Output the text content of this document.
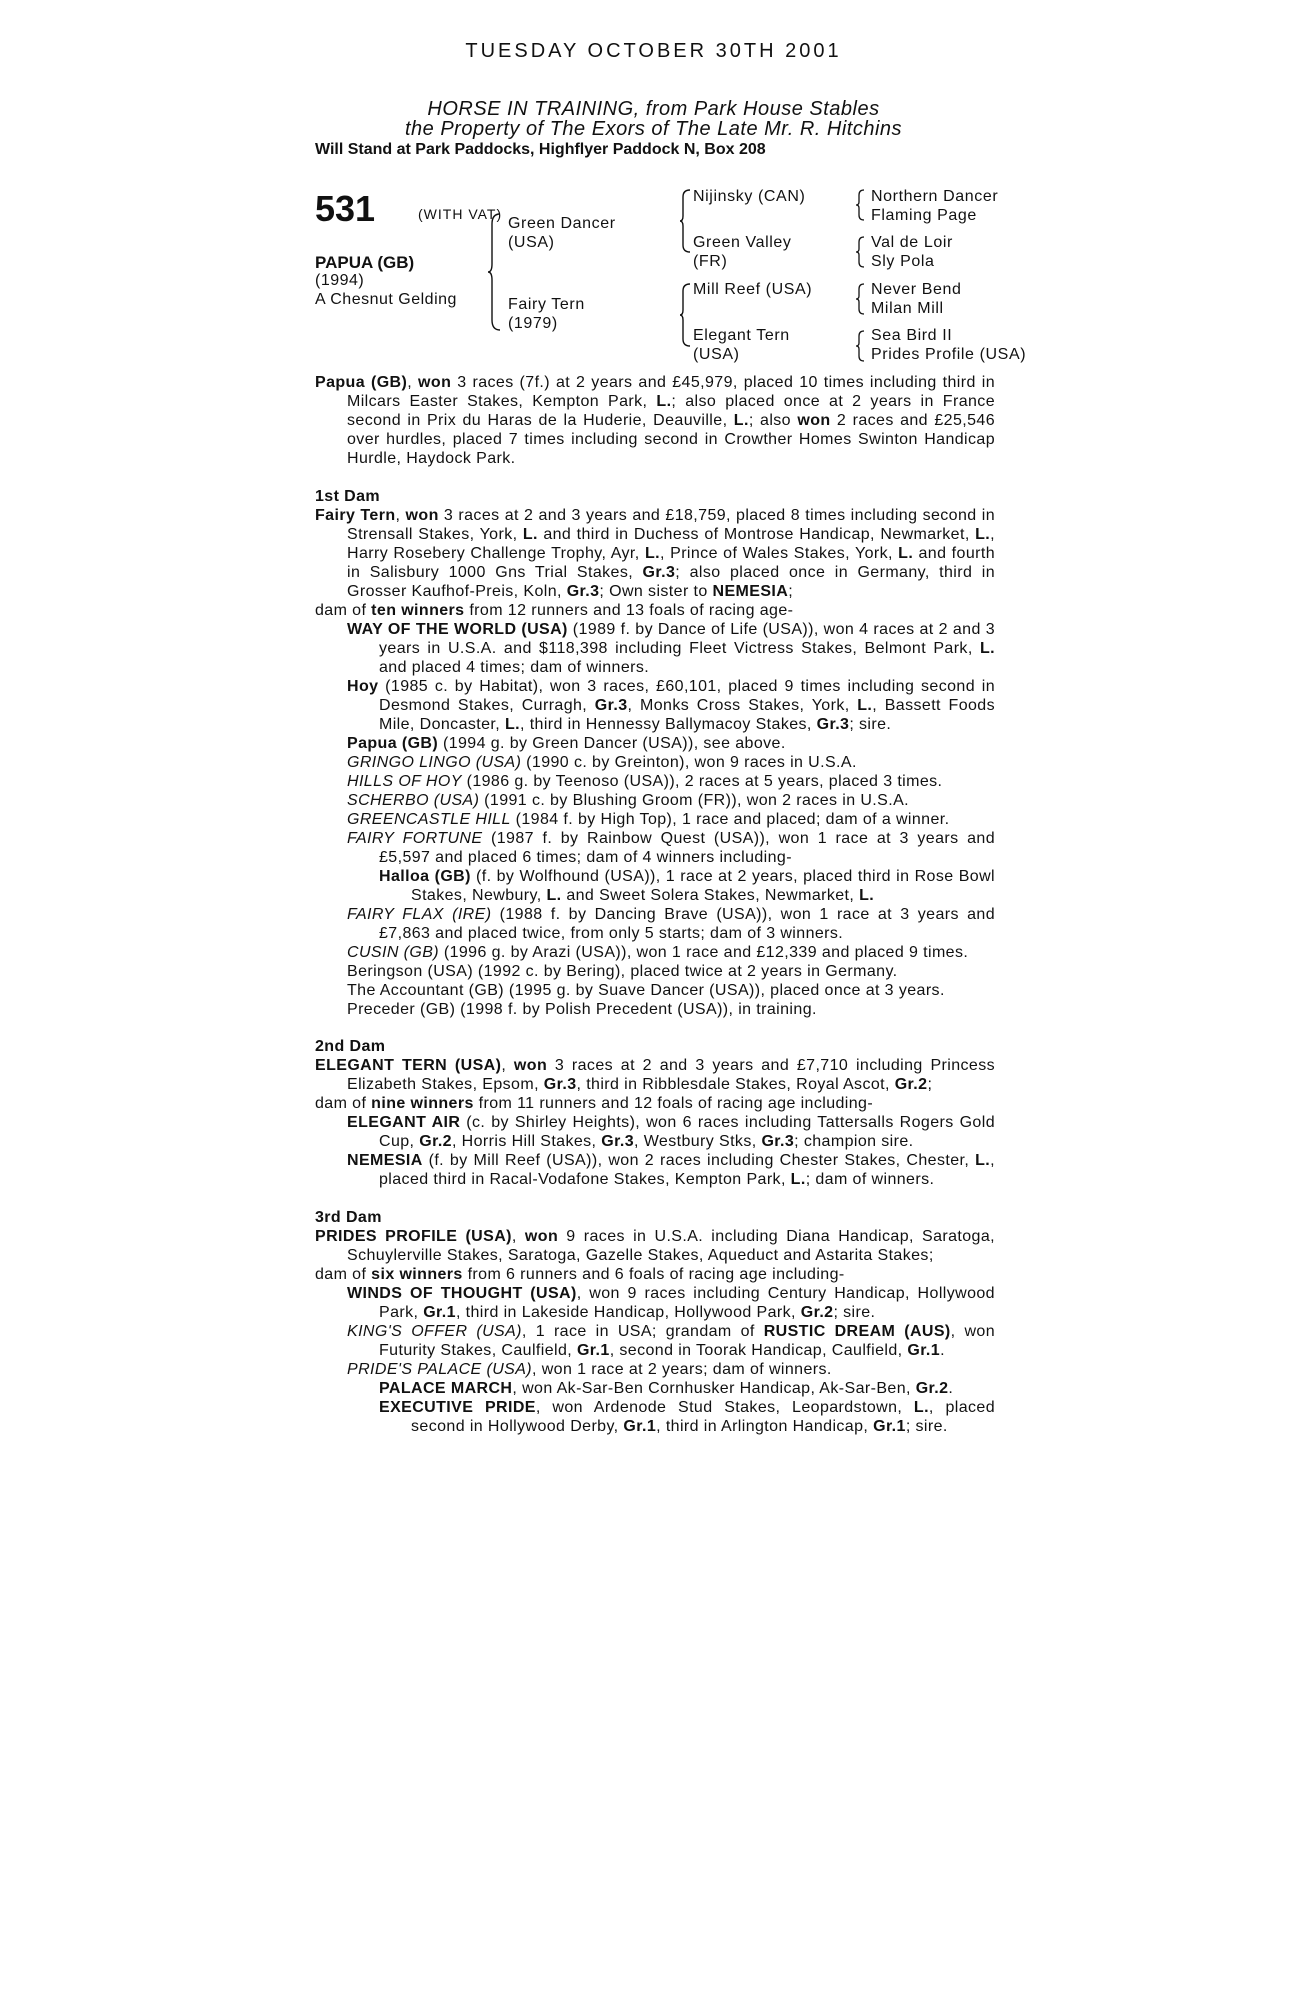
TUESDAY OCTOBER 30TH 2001
HORSE IN TRAINING, from Park House Stables
the Property of The Exors of The Late Mr. R. Hitchins
Will Stand at Park Paddocks, Highflyer Paddock N, Box 208
531	(WITH VAT)
PAPUA (GB)
(1994)
A Chesnut Gelding
Green Dancer
(USA)
Fairy Tern
(1979)
Nijinsky (CAN)
Green Valley
(FR)
Mill Reef (USA)
Elegant Tern
(USA)
Northern Dancer
Flaming Page
Val de Loir
Sly Pola
Never Bend
Milan Mill
Sea Bird II
Prides Profile (USA)

Papua (GB), won 3 races (7f.) at 2 years and £45,979, placed 10 times including third in Milcars Easter Stakes, Kempton Park, L.; also placed once at 2 years in France second in Prix du Haras de la Huderie, Deauville, L.; also won 2 races and £25,546 over hurdles, placed 7 times including second in Crowther Homes Swinton Handicap Hurdle, Haydock Park.

1st Dam

Fairy Tern, won 3 races at 2 and 3 years and £18,759, placed 8 times including second in Strensall Stakes, York, L. and third in Duchess of Montrose Handicap, Newmarket, L., Harry Rosebery Challenge Trophy, Ayr, L., Prince of Wales Stakes, York, L. and fourth in Salisbury 1000 Gns Trial Stakes, Gr.3; also placed once in Germany, third in Grosser Kaufhof-Preis, Koln, Gr.3; Own sister to NEMESIA;

dam of ten winners from 12 runners and 13 foals of racing age-

WAY OF THE WORLD (USA) (1989 f. by Dance of Life (USA)), won 4 races at 2 and 3 years in U.S.A. and $118,398 including Fleet Victress Stakes, Belmont Park, L. and placed 4 times; dam of winners.

Hoy (1985 c. by Habitat), won 3 races, £60,101, placed 9 times including second in Desmond Stakes, Curragh, Gr.3, Monks Cross Stakes, York, L., Bassett Foods Mile, Doncaster, L., third in Hennessy Ballymacoy Stakes, Gr.3; sire.

Papua (GB) (1994 g. by Green Dancer (USA)), see above.

GRINGO LINGO (USA) (1990 c. by Greinton), won 9 races in U.S.A.

HILLS OF HOY (1986 g. by Teenoso (USA)), 2 races at 5 years, placed 3 times.

SCHERBO (USA) (1991 c. by Blushing Groom (FR)), won 2 races in U.S.A.

GREENCASTLE HILL (1984 f. by High Top), 1 race and placed; dam of a winner.

FAIRY FORTUNE (1987 f. by Rainbow Quest (USA)), won 1 race at 3 years and £5,597 and placed 6 times; dam of 4 winners including-

Halloa (GB) (f. by Wolfhound (USA)), 1 race at 2 years, placed third in Rose Bowl Stakes, Newbury, L. and Sweet Solera Stakes, Newmarket, L.

FAIRY FLAX (IRE) (1988 f. by Dancing Brave (USA)), won 1 race at 3 years and £7,863 and placed twice, from only 5 starts; dam of 3 winners.

CUSIN (GB) (1996 g. by Arazi (USA)), won 1 race and £12,339 and placed 9 times.

Beringson (USA) (1992 c. by Bering), placed twice at 2 years in Germany.

The Accountant (GB) (1995 g. by Suave Dancer (USA)), placed once at 3 years.

Preceder (GB) (1998 f. by Polish Precedent (USA)), in training.

2nd Dam

ELEGANT TERN (USA), won 3 races at 2 and 3 years and £7,710 including Princess Elizabeth Stakes, Epsom, Gr.3, third in Ribblesdale Stakes, Royal Ascot, Gr.2;

dam of nine winners from 11 runners and 12 foals of racing age including-

ELEGANT AIR (c. by Shirley Heights), won 6 races including Tattersalls Rogers Gold Cup, Gr.2, Horris Hill Stakes, Gr.3, Westbury Stks, Gr.3; champion sire.

NEMESIA (f. by Mill Reef (USA)), won 2 races including Chester Stakes, Chester, L., placed third in Racal-Vodafone Stakes, Kempton Park, L.; dam of winners.

3rd Dam

PRIDES PROFILE (USA), won 9 races in U.S.A. including Diana Handicap, Saratoga, Schuylerville Stakes, Saratoga, Gazelle Stakes, Aqueduct and Astarita Stakes;

dam of six winners from 6 runners and 6 foals of racing age including-

WINDS OF THOUGHT (USA), won 9 races including Century Handicap, Hollywood Park, Gr.1, third in Lakeside Handicap, Hollywood Park, Gr.2; sire.

KING'S OFFER (USA), 1 race in USA; grandam of RUSTIC DREAM (AUS), won Futurity Stakes, Caulfield, Gr.1, second in Toorak Handicap, Caulfield, Gr.1.

PRIDE'S PALACE (USA), won 1 race at 2 years; dam of winners.

PALACE MARCH, won Ak-Sar-Ben Cornhusker Handicap, Ak-Sar-Ben, Gr.2.

EXECUTIVE PRIDE, won Ardenode Stud Stakes, Leopardstown, L., placed second in Hollywood Derby, Gr.1, third in Arlington Handicap, Gr.1; sire.
